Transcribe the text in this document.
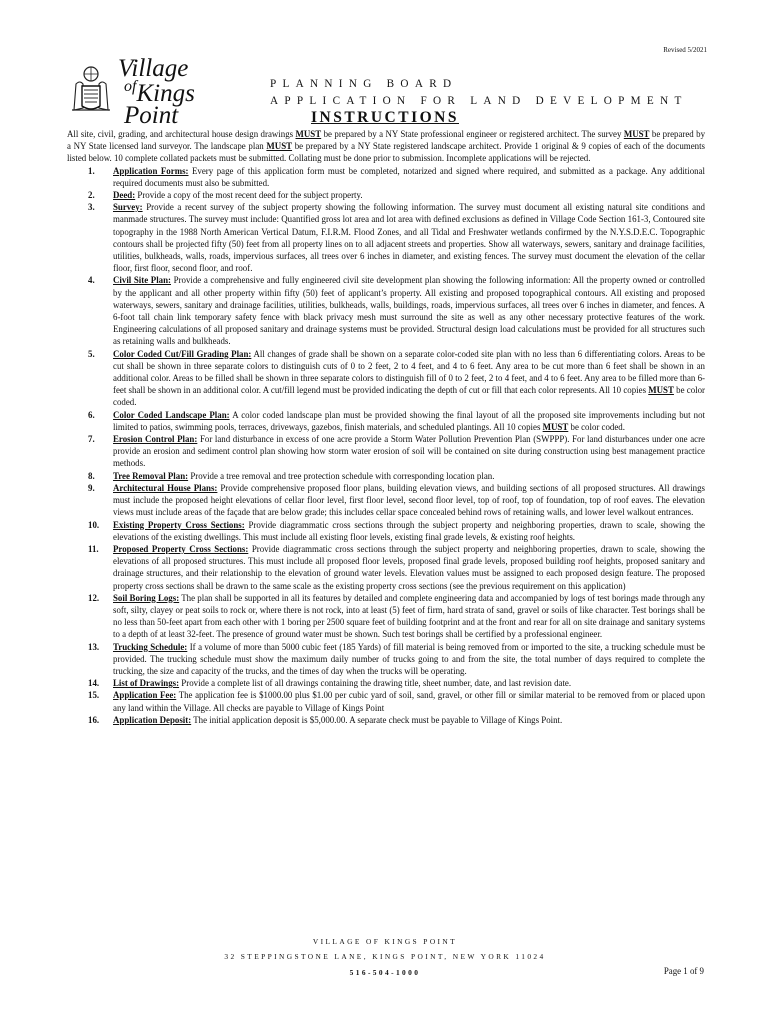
Revised 5/2021
Village
$^{of}$Kings Point
PLANNING BOARD
APPLICATION FOR LAND DEVELOPMENT
INSTRUCTIONS

All site, civil, grading, and architectural house design drawings MUST be prepared by a NY State professional engineer or registered architect. The survey MUST be prepared by a NY State licensed land surveyor. The landscape plan MUST be prepared by a NY State registered landscape architect. Provide 1 original & 9 copies of each of the documents listed below. 10 complete collated packets must be submitted. Collating must be done prior to submission. Incomplete applications will be rejected.

1. Application Forms: Every page of this application form must be completed, notarized and signed where required, and submitted as a package. Any additional required documents must also be submitted.
2. Deed: Provide a copy of the most recent deed for the subject property.
3. Survey: Provide a recent survey of the subject property showing the following information. The survey must document all existing natural site conditions and manmade structures. The survey must include: Quantified gross lot area and lot area with defined exclusions as defined in Village Code Section 161-3, Contoured site topography in the 1988 North American Vertical Datum, F.I.R.M. Flood Zones, and all Tidal and Freshwater wetlands confirmed by the N.Y.S.D.E.C. Topographic contours shall be projected fifty (50) feet from all property lines on to all adjacent streets and properties. Show all waterways, sewers, sanitary and drainage facilities, utilities, bulkheads, walls, roads, impervious surfaces, all trees over 6 inches in diameter, and existing fences. The survey must document the elevation of the cellar floor, first floor, second floor, and roof.
4. Civil Site Plan: Provide a comprehensive and fully engineered civil site development plan showing the following information: All the property owned or controlled by the applicant and all other property within fifty (50) feet of applicant’s property. All existing and proposed topographical contours. All existing and proposed waterways, sewers, sanitary and drainage facilities, utilities, bulkheads, walls, buildings, roads, impervious surfaces, all trees over 6 inches in diameter, and fences. A 6-foot tall chain link temporary safety fence with black privacy mesh must surround the site as well as any other necessary protective features of the work. Engineering calculations of all proposed sanitary and drainage systems must be provided. Structural design load calculations must be provided for all structures such as retaining walls and bulkheads.
5. Color Coded Cut/Fill Grading Plan: All changes of grade shall be shown on a separate color-coded site plan with no less than 6 differentiating colors. Areas to be cut shall be shown in three separate colors to distinguish cuts of 0 to 2 feet, 2 to 4 feet, and 4 to 6 feet. Any area to be cut more than 6 feet shall be shown in an additional color. Areas to be filled shall be shown in three separate colors to distinguish fill of 0 to 2 feet, 2 to 4 feet, and 4 to 6 feet. Any area to be filled more than 6-feet shall be shown in an additional color. A cut/fill legend must be provided indicating the depth of cut or fill that each color represents. All 10 copies MUST be color coded.
6. Color Coded Landscape Plan: A color coded landscape plan must be provided showing the final layout of all the proposed site improvements including but not limited to patios, swimming pools, terraces, driveways, gazebos, finish materials, and scheduled plantings. All 10 copies MUST be color coded.
7. Erosion Control Plan: For land disturbance in excess of one acre provide a Storm Water Pollution Prevention Plan (SWPPP). For land disturbances under one acre provide an erosion and sediment control plan showing how storm water erosion of soil will be contained on site during construction using best management practice methods.
8. Tree Removal Plan: Provide a tree removal and tree protection schedule with corresponding location plan.
9. Architectural House Plans: Provide comprehensive proposed floor plans, building elevation views, and building sections of all proposed structures. All drawings must include the proposed height elevations of cellar floor level, first floor level, second floor level, top of roof, top of foundation, top of roof eaves. The elevation views must include areas of the façade that are below grade; this includes cellar space concealed behind rows of retaining walls, and lower level walkout entrances.
10. Existing Property Cross Sections: Provide diagrammatic cross sections through the subject property and neighboring properties, drawn to scale, showing the elevations of the existing dwellings. This must include all existing floor levels, existing final grade levels, & existing roof heights.
11. Proposed Property Cross Sections: Provide diagrammatic cross sections through the subject property and neighboring properties, drawn to scale, showing the elevations of all proposed structures. This must include all proposed floor levels, proposed final grade levels, proposed building roof heights, proposed sanitary and drainage structures, and their relationship to the elevation of ground water levels. Elevation values must be assigned to each proposed design feature. The proposed property cross sections shall be drawn to the same scale as the existing property cross sections (see the previous requirement on this application)
12. Soil Boring Logs: The plan shall be supported in all its features by detailed and complete engineering data and accompanied by logs of test borings made through any soft, silty, clayey or peat soils to rock or, where there is not rock, into at least (5) feet of firm, hard strata of sand, gravel or soils of like character. Test borings shall be no less than 50-feet apart from each other with 1 boring per 2500 square feet of building footprint and at the front and rear for all on site drainage and sanitary systems to a depth of at least 32-feet. The presence of ground water must be shown. Such test borings shall be certified by a professional engineer.
13. Trucking Schedule: If a volume of more than 5000 cubic feet (185 Yards) of fill material is being removed from or imported to the site, a trucking schedule must be provided. The trucking schedule must show the maximum daily number of trucks going to and from the site, the total number of days required to complete the trucking, the size and capacity of the trucks, and the times of day when the trucks will be operating.
14. List of Drawings: Provide a complete list of all drawings containing the drawing title, sheet number, date, and last revision date.
15. Application Fee: The application fee is $1000.00 plus $1.00 per cubic yard of soil, sand, gravel, or other fill or similar material to be removed from or placed upon any land within the Village. All checks are payable to Village of Kings Point
16. Application Deposit: The initial application deposit is $5,000.00. A separate check must be payable to Village of Kings Point.
VILLAGE OF KINGS POINT
32 STEPPINGSTONE LANE, KINGS POINT, NEW YORK 11024
516-504-1000	Page 1 of 9
